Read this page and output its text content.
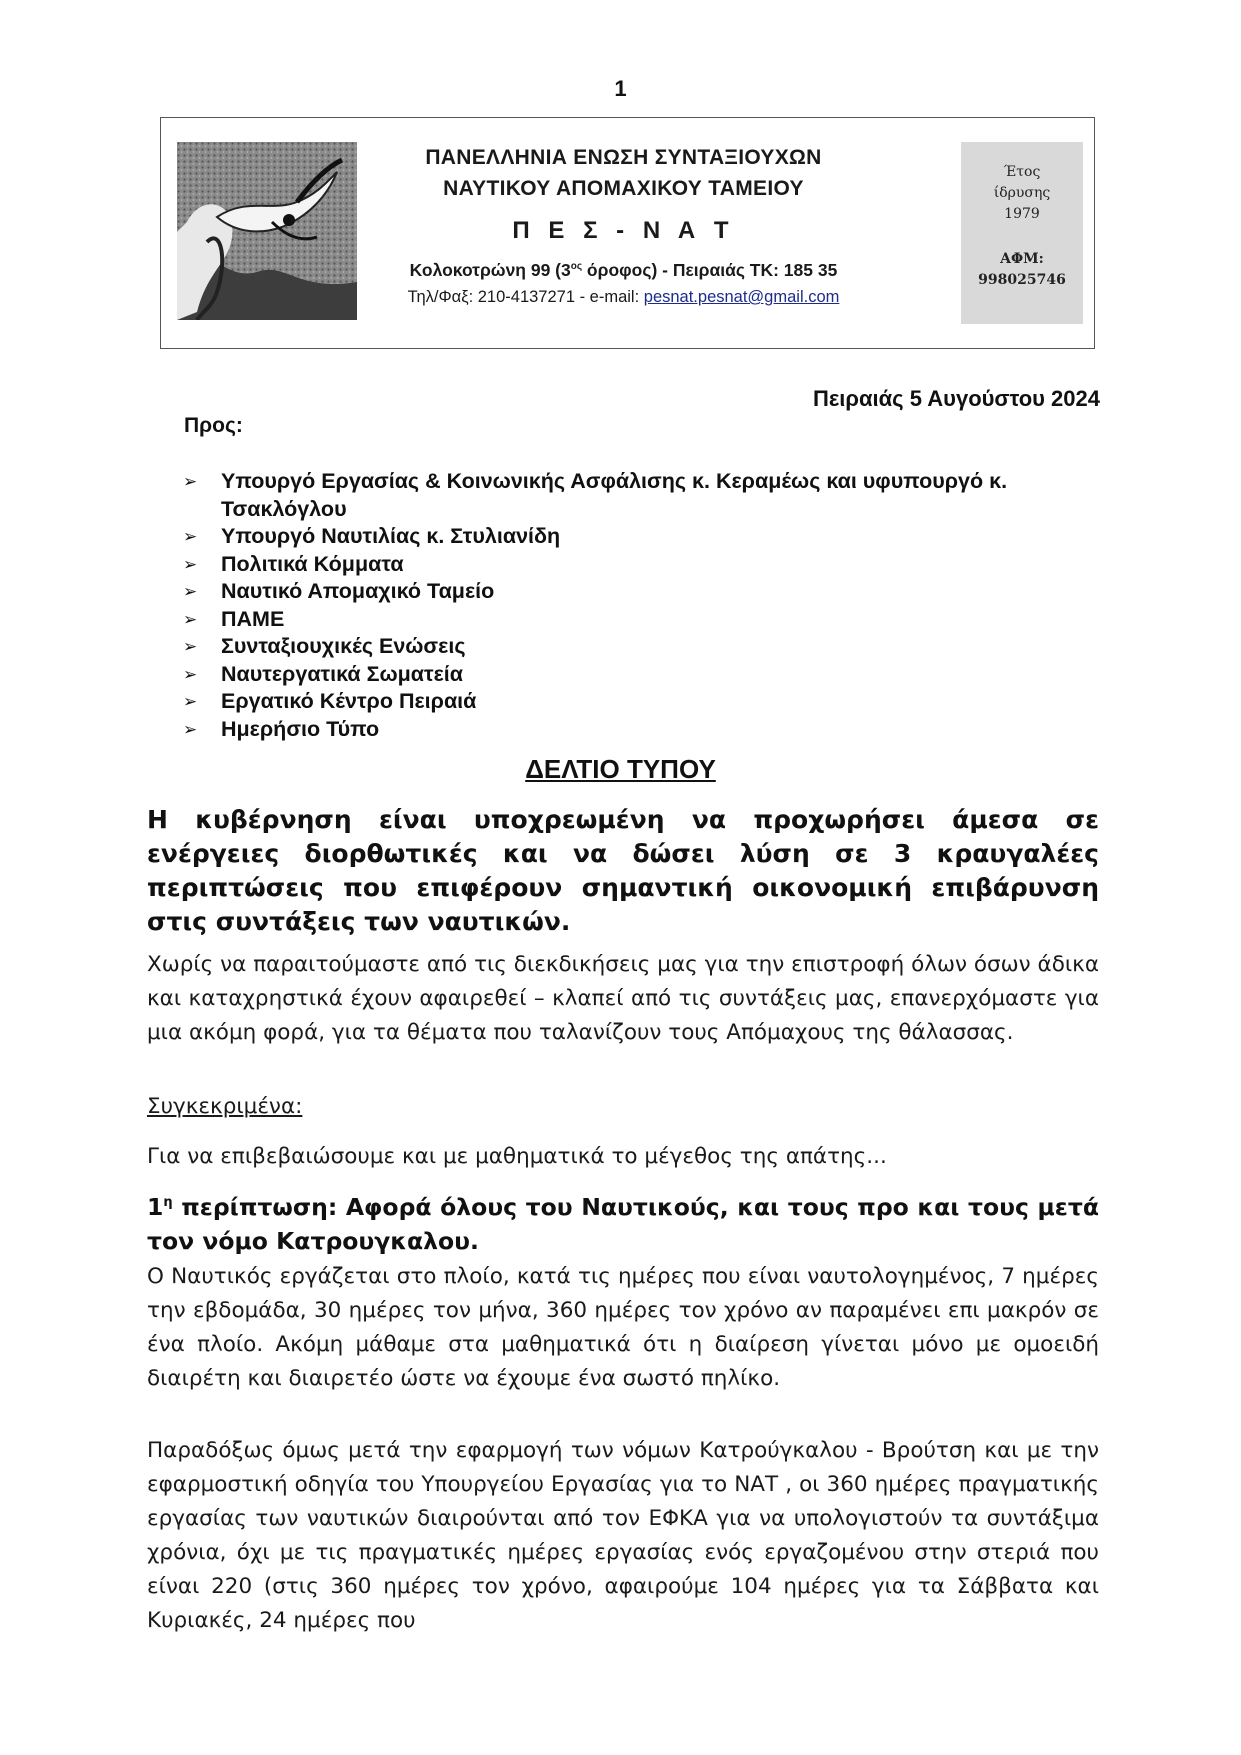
1
ΠΑΝΕΛΛΗΝΙΑ ΕΝΩΣΗ ΣΥΝΤΑΞΙΟΥΧΩΝ
ΝΑΥΤΙΚΟΥ ΑΠΟΜΑΧΙΚΟΥ ΤΑΜΕΙΟΥ
Π Ε Σ - Ν Α Τ
Κολοκοτρώνη 99 ($3^{o\varsigma}$ όροφος) - Πειραιάς ΤΚ: 185 35
Τηλ/Φαξ: 210-4137271 - e-mail: pesnat.pesnat@gmail.com
Έτος
ίδρυσης
1979
ΑΦΜ:
998025746
Πειραιάς 5 Αυγούστου 2024
Προς:
➢ Υπουργό Εργασίας & Κοινωνικής Ασφάλισης κ. Κεραμέως και υφυπουργό κ. Τσακλόγλου
➢ Υπουργό Ναυτιλίας κ. Στυλιανίδη
➢ Πολιτικά Κόμματα
➢ Ναυτικό Απομαχικό Ταμείο
➢ ΠΑΜΕ
➢ Συνταξιουχικές Ενώσεις
➢ Ναυτεργατικά Σωματεία
➢ Εργατικό Κέντρο Πειραιά
➢ Ημερήσιο Τύπο
ΔΕΛΤΙΟ ΤΥΠΟΥ
Η κυβέρνηση είναι υποχρεωμένη να προχωρήσει άμεσα σε ενέργειες διορθωτικές και να δώσει λύση σε 3 κραυγαλέες περιπτώσεις που επιφέρουν σημαντική οικονομική επιβάρυνση στις συντάξεις των ναυτικών.
Χωρίς να παραιτούμαστε από τις διεκδικήσεις μας για την επιστροφή όλων όσων άδικα και καταχρηστικά έχουν αφαιρεθεί – κλαπεί από τις συντάξεις μας, επανερχόμαστε για μια ακόμη φορά, για τα θέματα που ταλανίζουν τους Απόμαχους της θάλασσας.
Συγκεκριμένα:
Για να επιβεβαιώσουμε και με μαθηματικά το μέγεθος της απάτης...
$1^\eta$ περίπτωση: Αφορά όλους του Ναυτικούς, και τους προ και τους μετά τον νόμο Κατρουγκαλου.
Ο Ναυτικός εργάζεται στο πλοίο, κατά τις ημέρες που είναι ναυτολογημένος, 7 ημέρες την εβδομάδα, 30 ημέρες τον μήνα, 360 ημέρες τον χρόνο αν παραμένει επι μακρόν σε ένα πλοίο. Ακόμη μάθαμε στα μαθηματικά ότι η διαίρεση γίνεται μόνο με ομοειδή διαιρέτη και διαιρετέο ώστε να έχουμε ένα σωστό πηλίκο.
Παραδόξως όμως μετά την εφαρμογή των νόμων Κατρούγκαλου - Βρούτση και με την εφαρμοστική οδηγία του Υπουργείου Εργασίας για το ΝΑΤ , οι 360 ημέρες πραγματικής εργασίας των ναυτικών διαιρούνται από τον ΕΦΚΑ για να υπολογιστούν τα συντάξιμα χρόνια, όχι με τις πραγματικές ημέρες εργασίας ενός εργαζομένου στην στεριά που είναι 220 (στις 360 ημέρες τον χρόνο, αφαιρούμε 104 ημέρες για τα Σάββατα και Κυριακές, 24 ημέρες που
